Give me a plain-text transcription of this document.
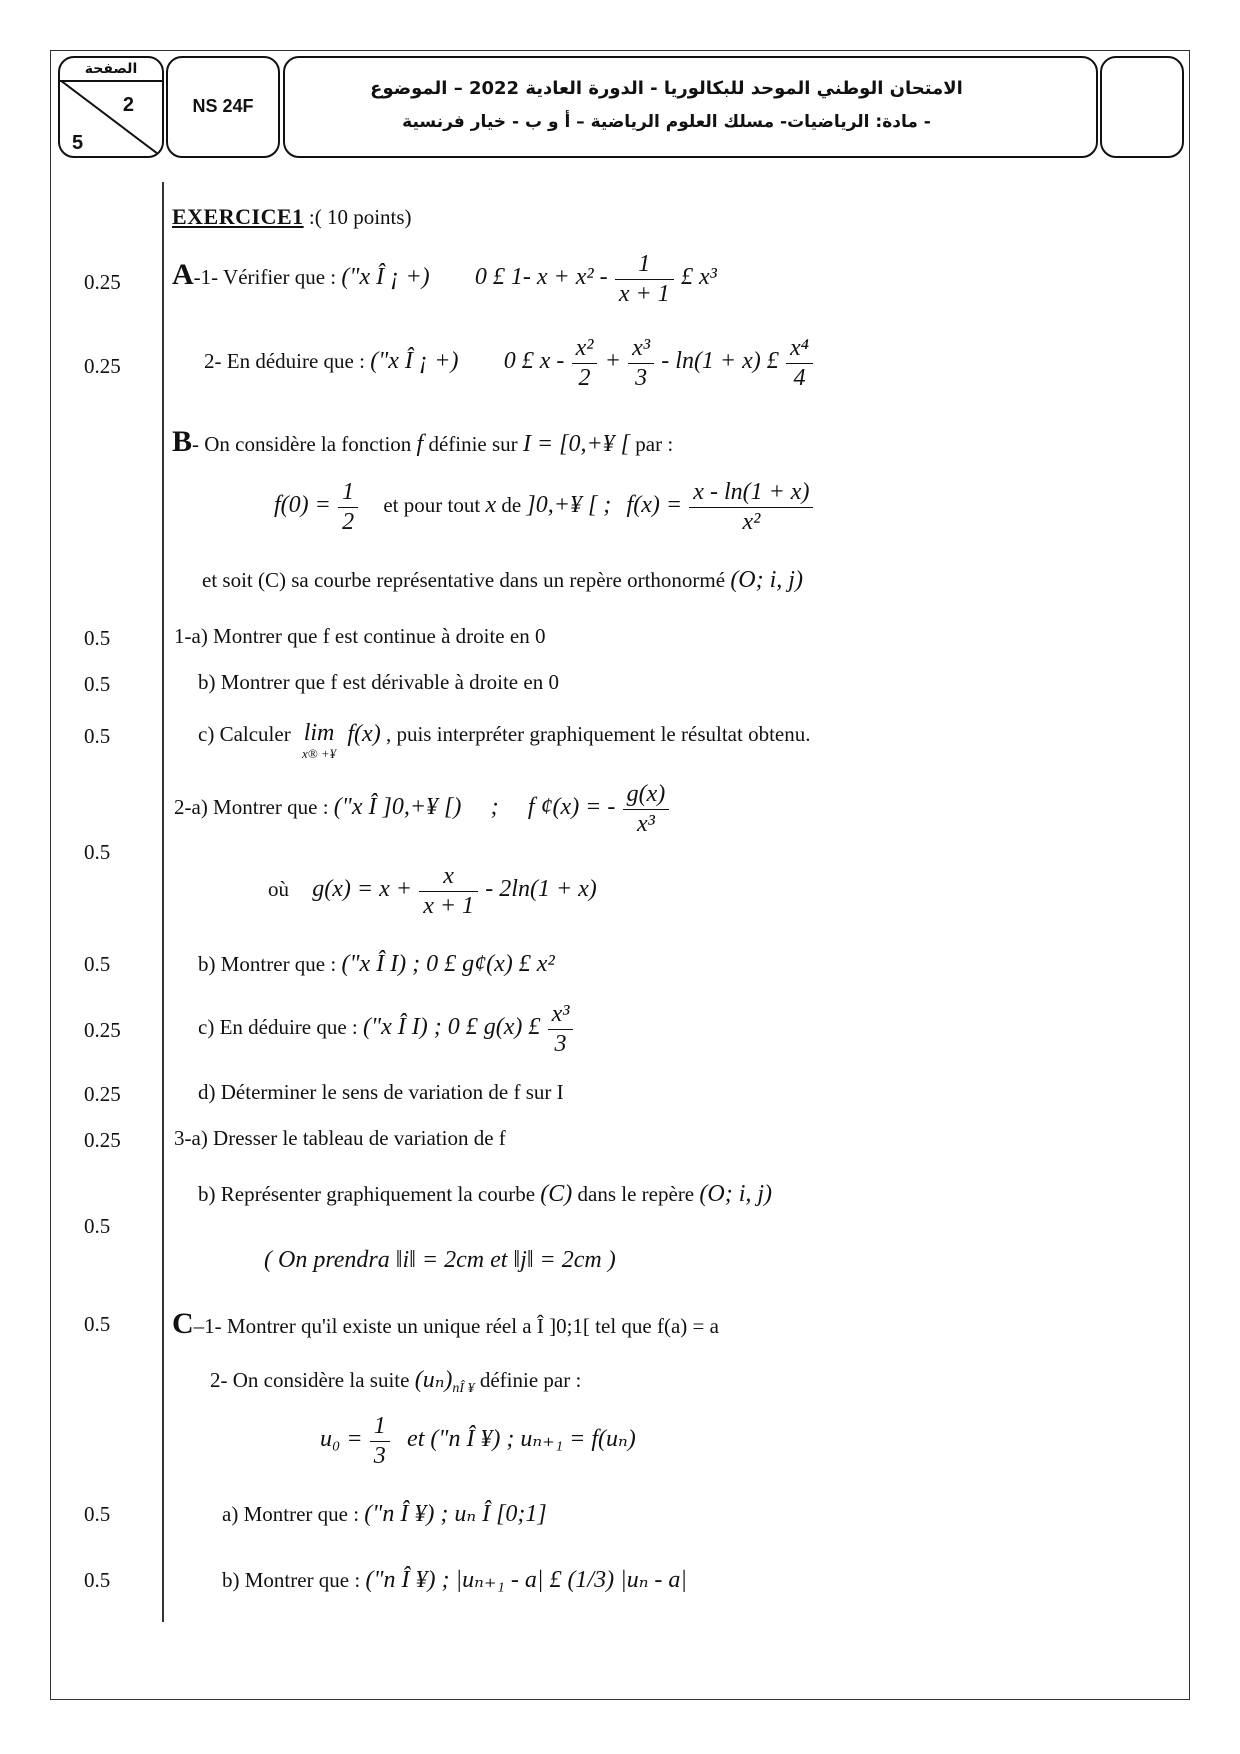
الصفحة
2
5
NS 24F
الامتحان الوطني الموحد للبكالوريا - الدورة العادية 2022 – الموضوع
- مادة: الرياضيات- مسلك العلوم الرياضية – أ و ب - خيار فرنسية
0.25
0.25
0.5
0.5
0.5
0.5
0.5
0.25
0.25
0.25
0.5
0.5
0.5
0.5
EXERCICE1 :( 10 points)
A-1- Vérifier que : ("x Î ¡ +) 0 £ 1- $x + x^2 - \frac{1}{x + 1}$ £ x³
2- En déduire que : ("x Î ¡ +) 0 £ $x - \frac{\text{x²}}{2} + \frac{\text{x³}}{3} - \ln(1 + x)$ £ $\frac{\text{x⁴}}{4}$
B- On considère la fonction f définie sur I = [0,+¥ [ par :
$f(0) = \frac{1}{2}$ et pour tout x de ]0,+¥ [ ; $f(x) = \frac{x - \ln(1 + x)}{\text{x²}}$
et soit (C) sa courbe représentative dans un repère orthonormé (O; i, j)
1-a) Montrer que f est continue à droite en 0
b) Montrer que f est dérivable à droite en 0
c) Calculer lim
x® +¥
f(x) , puis interpréter graphiquement le résultat obtenu.
2-a) Montrer que : ("x Î ]0,+¥ [) ; f ¢(x) = - $\frac{g(x)}{\text{x³}}$
où $g(x) = x + \frac{x}{x + 1} - 2\ln(1 + x)$
b) Montrer que : ("x Î I) ; 0 £ g¢(x) £ x²
c) En déduire que : ("x Î I) ; 0 £ g(x) £ $\frac{\text{x³}}{3}$
d) Déterminer le sens de variation de f sur I
3-a) Dresser le tableau de variation de f
b) Représenter graphiquement la courbe (C) dans le repère (O; i, j)
( On prendra ‖i‖ = 2cm et ‖j‖ = 2cm )
C–1- Montrer qu'il existe un unique réel a Î ]0;1[ tel que f(a) = a
2- On considère la suite $(u_n)_{nÎ ¥}$ définie par :
$u_0 = \frac{1}{3}$ et ("n Î ¥) ; uₙ₊₁ = f(uₙ)
a) Montrer que : ("n Î ¥) ; uₙ Î [0;1]
b) Montrer que : ("n Î ¥) ; |uₙ₊₁ - a| £ (1/3) |uₙ - a|
